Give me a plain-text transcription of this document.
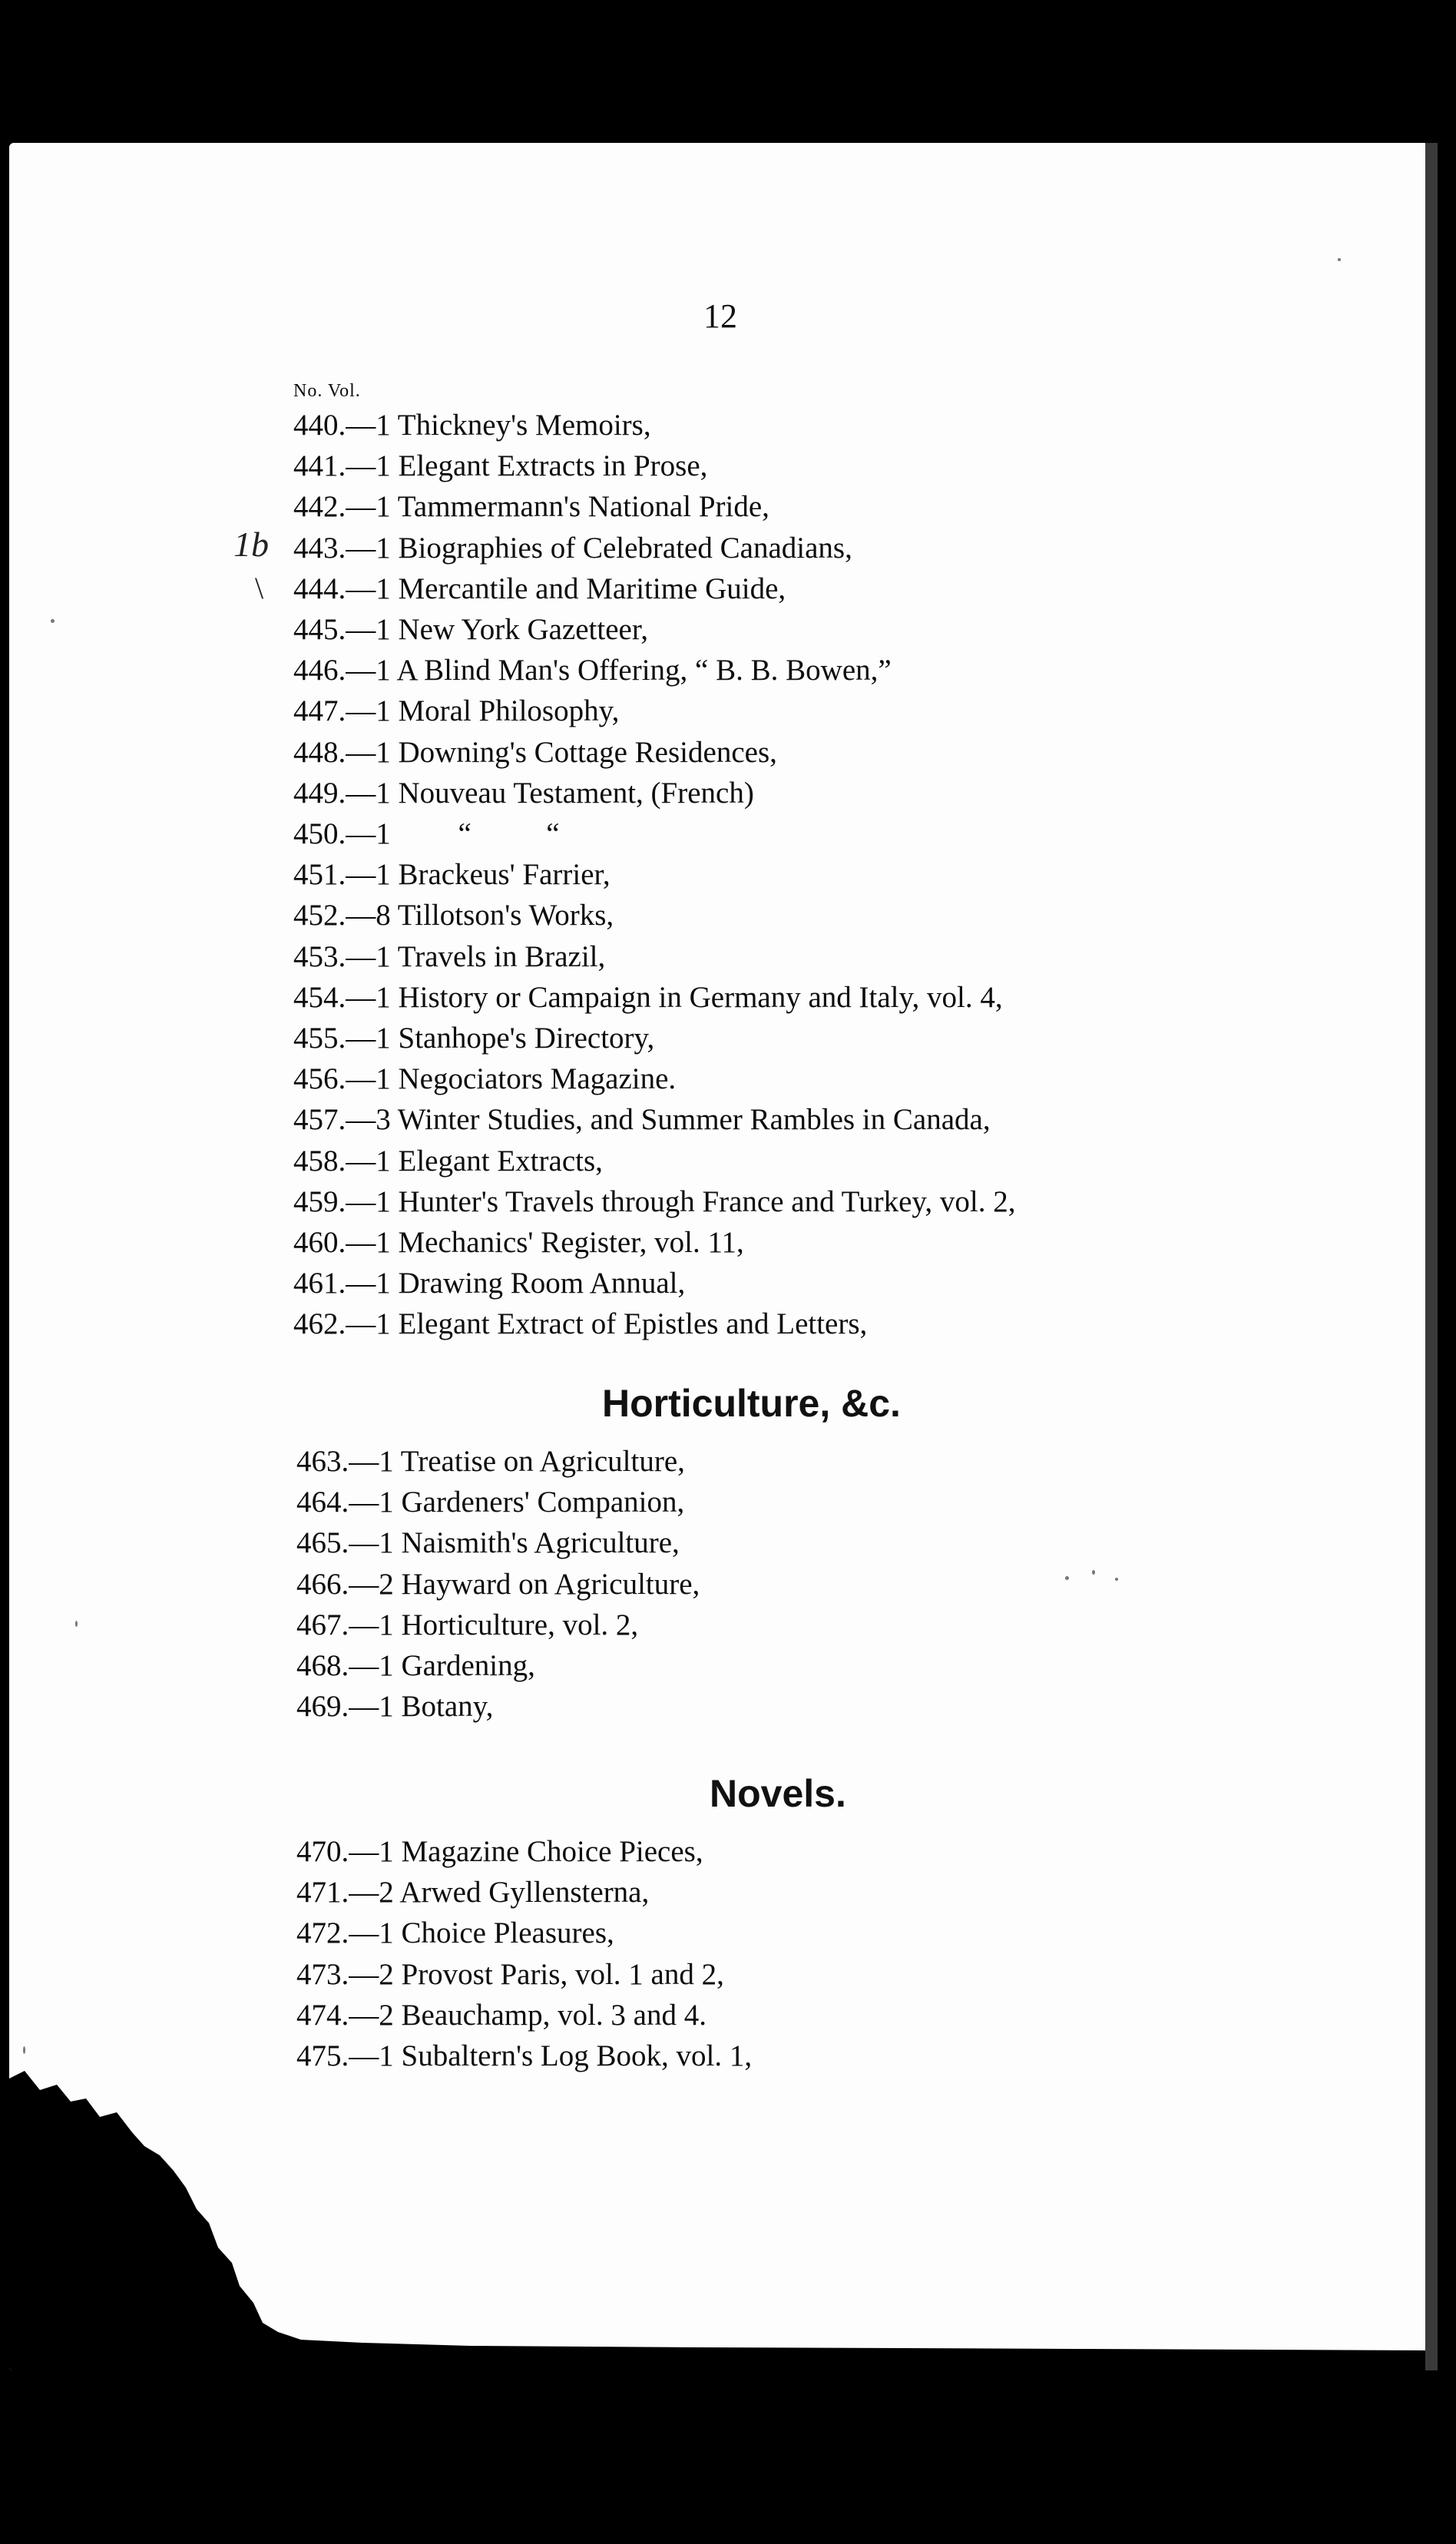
12
1b
\
No. Vol.
440.—1 Thickney's Memoirs,
441.—1 Elegant Extracts in Prose,
442.—1 Tammermann's National Pride,
443.—1 Biographies of Celebrated Canadians,
444.—1 Mercantile and Maritime Guide,
445.—1 New York Gazetteer,
446.—1 A Blind Man's Offering, “ B. B. Bowen,”
447.—1 Moral Philosophy,
448.—1 Downing's Cottage Residences,
449.—1 Nouveau Testament, (French)
450.—1         “          “
451.—1 Brackeus' Farrier,
452.—8 Tillotson's Works,
453.—1 Travels in Brazil,
454.—1 History or Campaign in Germany and Italy, vol. 4,
455.—1 Stanhope's Directory,
456.—1 Negociators Magazine.
457.—3 Winter Studies, and Summer Rambles in Canada,
458.—1 Elegant Extracts,
459.—1 Hunter's Travels through France and Turkey, vol. 2,
460.—1 Mechanics' Register, vol. 11,
461.—1 Drawing Room Annual,
462.—1 Elegant Extract of Epistles and Letters,
Horticulture, &c.
463.—1 Treatise on Agriculture,
464.—1 Gardeners' Companion,
465.—1 Naismith's Agriculture,
466.—2 Hayward on Agriculture,
467.—1 Horticulture, vol. 2,
468.—1 Gardening,
469.—1 Botany,
Novels.
470.—1 Magazine Choice Pieces,
471.—2 Arwed Gyllensterna,
472.—1 Choice Pleasures,
473.—2 Provost Paris, vol. 1 and 2,
474.—2 Beauchamp, vol. 3 and 4.
475.—1 Subaltern's Log Book, vol. 1,
